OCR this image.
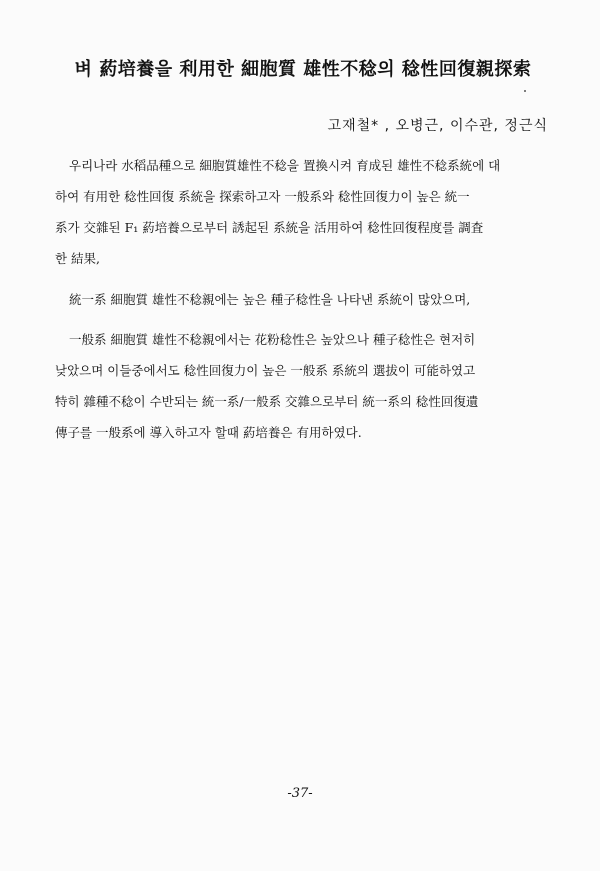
벼 葯培養을 利用한 細胞質 雄性不稔의 稔性回復親探索
고재철* , 오병근, 이수관, 정근식
우리나라 水稻品種으로 細胞質雄性不稔을 置換시켜 育成된 雄性不稔系統에 대
하여 有用한 稔性回復 系統을 探索하고자 一般系와 稔性回復力이 높은 統一
系가 交雜된 F₁ 葯培養으로부터 誘起된 系統을 活用하여 稔性回復程度를 調査
한 結果,
統一系 細胞質 雄性不稔親에는 높은 種子稔性을 나타낸 系統이 많았으며,
一般系 細胞質 雄性不稔親에서는 花粉稔性은 높았으나 種子稔性은 현저히
낮았으며 이들중에서도 稔性回復力이 높은 一般系 系統의 選拔이 可能하였고
特히 雜種不稔이 수반되는 統一系/一般系 交雜으로부터 統一系의 稔性回復遺
傳子를 一般系에 導入하고자 할때 葯培養은 有用하였다.
-37-
